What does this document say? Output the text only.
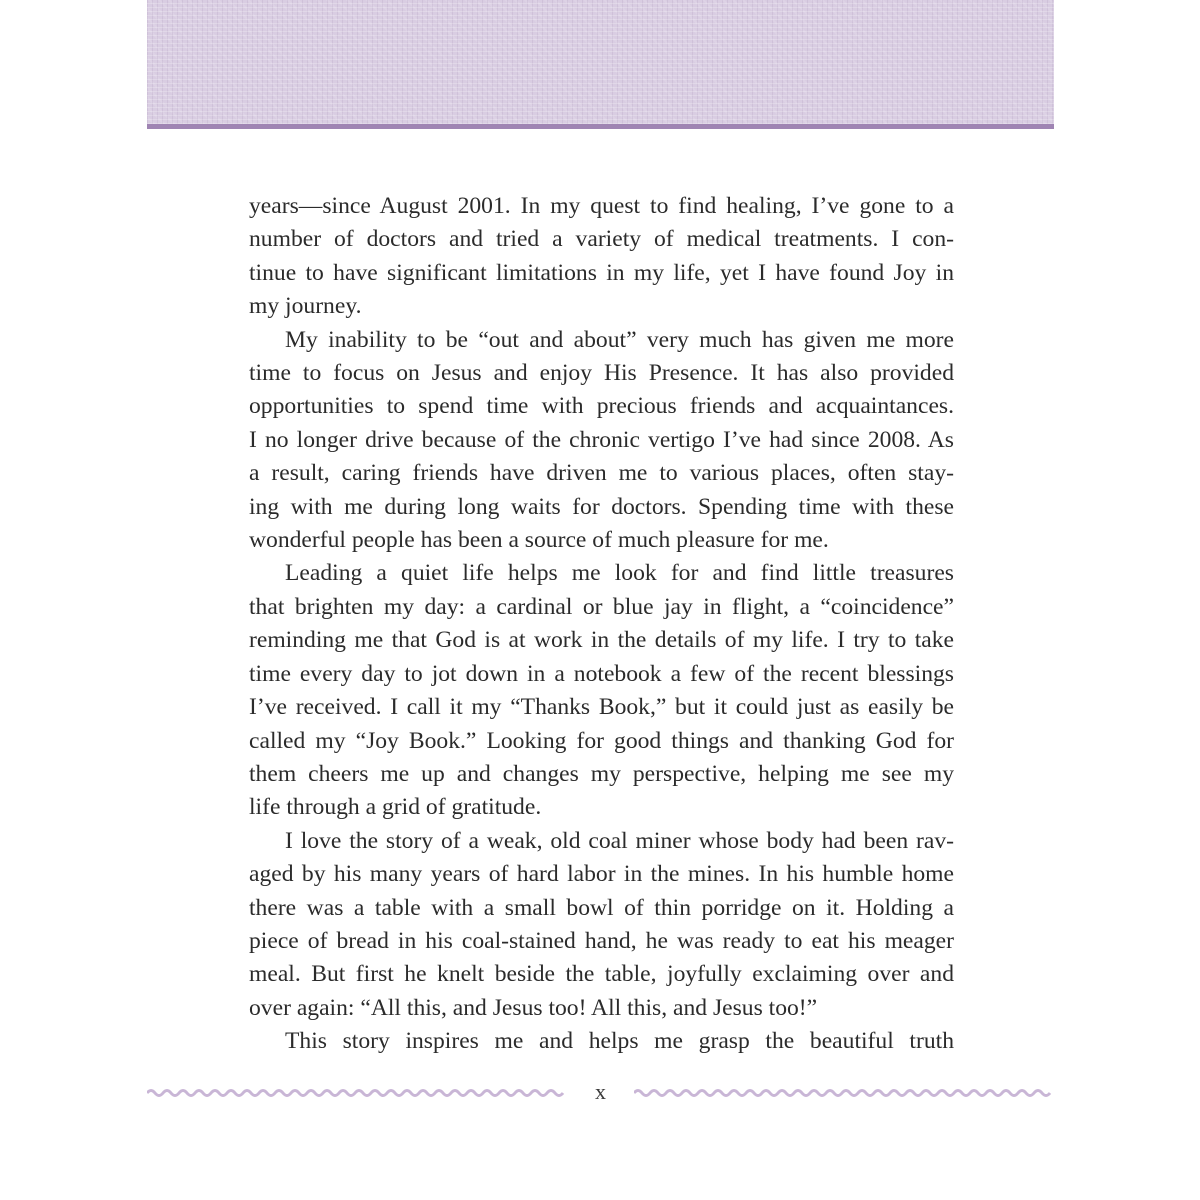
years—since August 2001. In my quest to find healing, I’ve gone to a

number of doctors and tried a variety of medical treatments. I con-

tinue to have significant limitations in my life, yet I have found Joy in

my journey.

My inability to be “out and about” very much has given me more

time to focus on Jesus and enjoy His Presence. It has also provided

opportunities to spend time with precious friends and acquaintances.

I no longer drive because of the chronic vertigo I’ve had since 2008. As

a result, caring friends have driven me to various places, often stay-

ing with me during long waits for doctors. Spending time with these

wonderful people has been a source of much pleasure for me.

Leading a quiet life helps me look for and find little treasures

that brighten my day: a cardinal or blue jay in flight, a “coincidence”

reminding me that God is at work in the details of my life. I try to take

time every day to jot down in a notebook a few of the recent blessings

I’ve received. I call it my “Thanks Book,” but it could just as easily be

called my “Joy Book.” Looking for good things and thanking God for

them cheers me up and changes my perspective, helping me see my

life through a grid of gratitude.

I love the story of a weak, old coal miner whose body had been rav-

aged by his many years of hard labor in the mines. In his humble home

there was a table with a small bowl of thin porridge on it. Holding a

piece of bread in his coal-stained hand, he was ready to eat his meager

meal. But first he knelt beside the table, joyfully exclaiming over and

over again: “All this, and Jesus too! All this, and Jesus too!”

This story inspires me and helps me grasp the beautiful truth

x
